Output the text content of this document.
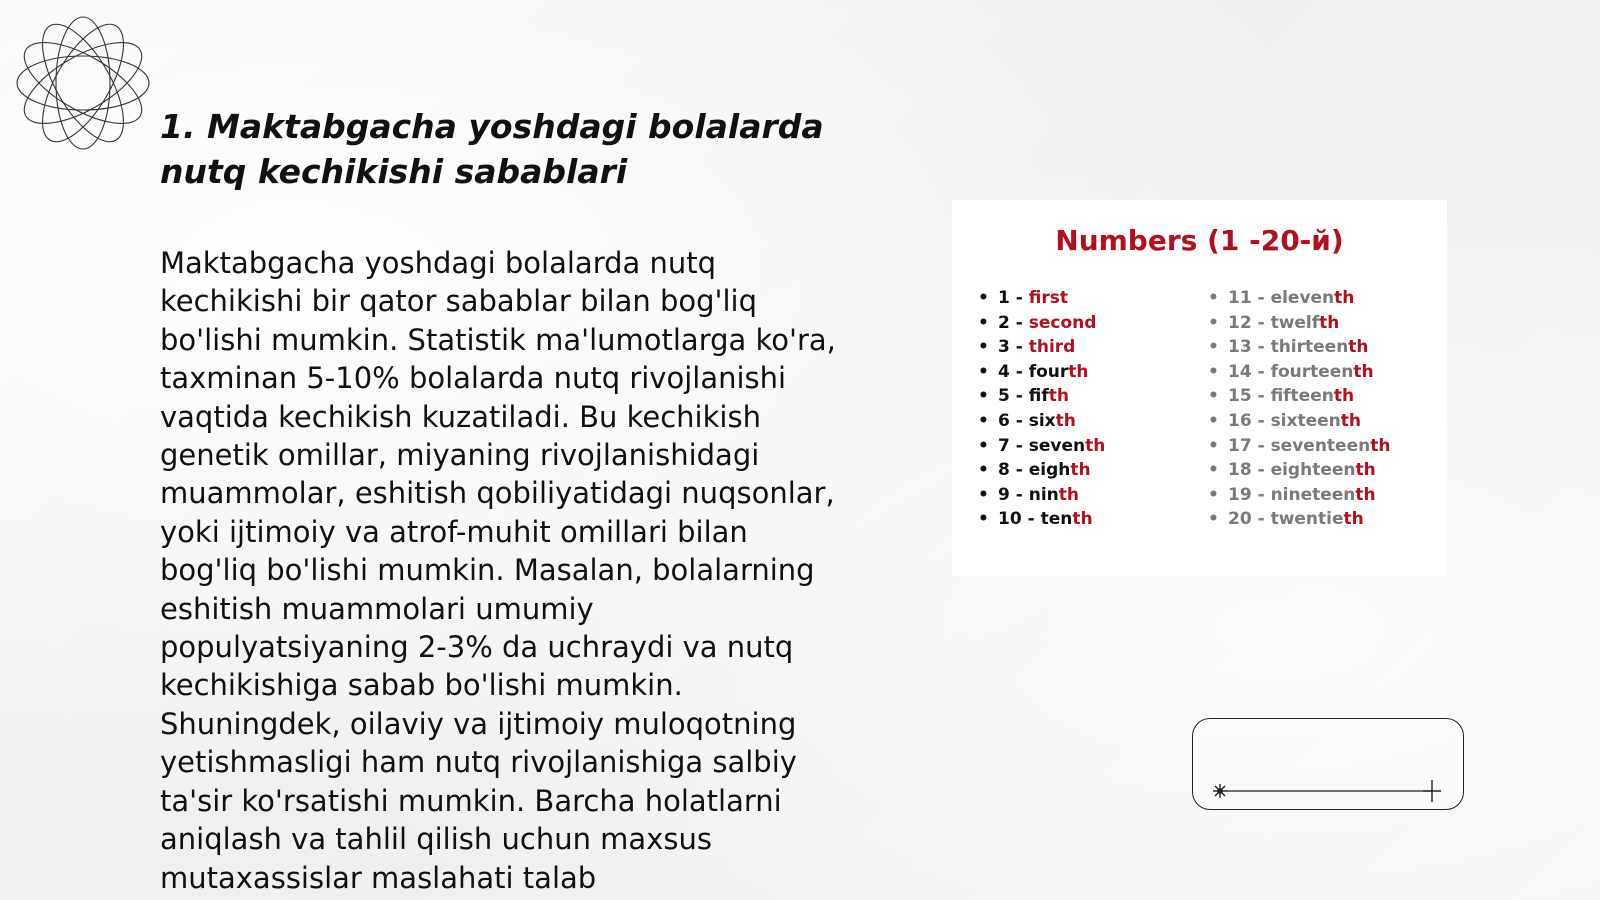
1. Maktabgacha yoshdagi bolalarda nutq kechikishi sabablari

Maktabgacha yoshdagi bolalarda nutq kechikishi bir qator sabablar bilan bog'liq bo'lishi mumkin. Statistik ma'lumotlarga ko'ra, taxminan 5-10% bolalarda nutq rivojlanishi vaqtida kechikish kuzatiladi. Bu kechikish genetik omillar, miyaning rivojlanishidagi muammolar, eshitish qobiliyatidagi nuqsonlar, yoki ijtimoiy va atrof-muhit omillari bilan bog'liq bo'lishi mumkin. Masalan, bolalarning eshitish muammolari umumiy populyatsiyaning 2-3% da uchraydi va nutq kechikishiga sabab bo'lishi mumkin. Shuningdek, oilaviy va ijtimoiy muloqotning yetishmasligi ham nutq rivojlanishiga salbiy ta'sir ko'rsatishi mumkin. Barcha holatlarni aniqlash va tahlil qilish uchun maxsus mutaxassislar maslahati talab

Numbers (1 -20-й)
• 1 - first
• 2 - second
• 3 - third
• 4 - fourth
• 5 - fifth
• 6 - sixth
• 7 - seventh
• 8 - eighth
• 9 - ninth
• 10 - tenth
• 11 - eleventh
• 12 - twelfth
• 13 - thirteenth
• 14 - fourteenth
• 15 - fifteenth
• 16 - sixteenth
• 17 - seventeenth
• 18 - eighteenth
• 19 - nineteenth
• 20 - twentieth
